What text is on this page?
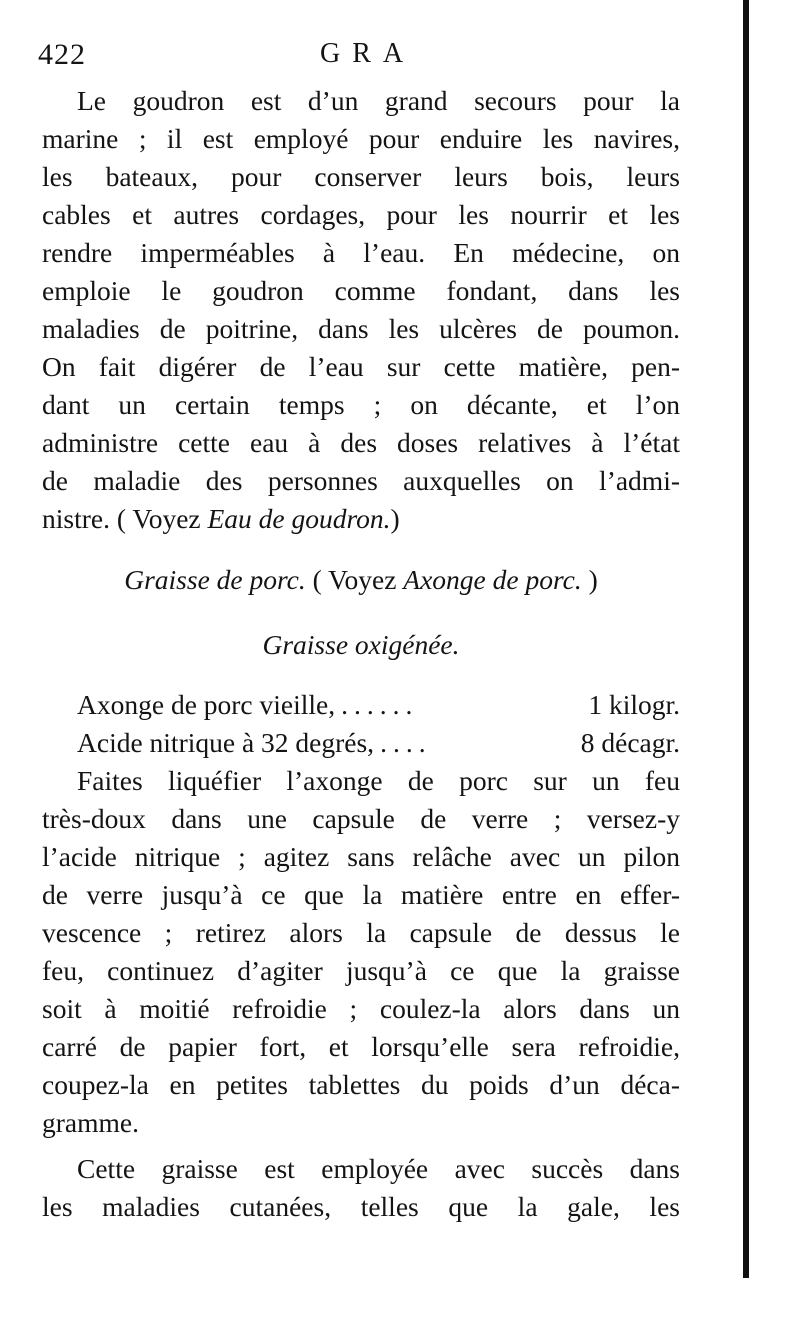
422	GRA
Le goudron est d’un grand secours pour la
marine ; il est employé pour enduire les navires,
les bateaux, pour conserver leurs bois, leurs
cables et autres cordages, pour les nourrir et les
rendre imperméables à l’eau. En médecine, on
emploie le goudron comme fondant, dans les
maladies de poitrine, dans les ulcères de poumon.
On fait digérer de l’eau sur cette matière, pen-
dant un certain temps ; on décante, et l’on
administre cette eau à des doses relatives à l’état
de maladie des personnes auxquelles on l’admi-
nistre. ( Voyez Eau de goudron.)
Graisse de porc. ( Voyez Axonge de porc. )
Graisse oxigénée.
Axonge de porc vieille, ......	1 kilogr.
Acide nitrique à 32 degrés, ....	8 décagr.
Faites liquéfier l’axonge de porc sur un feu
très-doux dans une capsule de verre ; versez-y
l’acide nitrique ; agitez sans relâche avec un pilon
de verre jusqu’à ce que la matière entre en effer-
vescence ; retirez alors la capsule de dessus le
feu, continuez d’agiter jusqu’à ce que la graisse
soit à moitié refroidie ; coulez-la alors dans un
carré de papier fort, et lorsqu’elle sera refroidie,
coupez-la en petites tablettes du poids d’un déca-
gramme.
Cette graisse est employée avec succès dans
les maladies cutanées, telles que la gale, les
